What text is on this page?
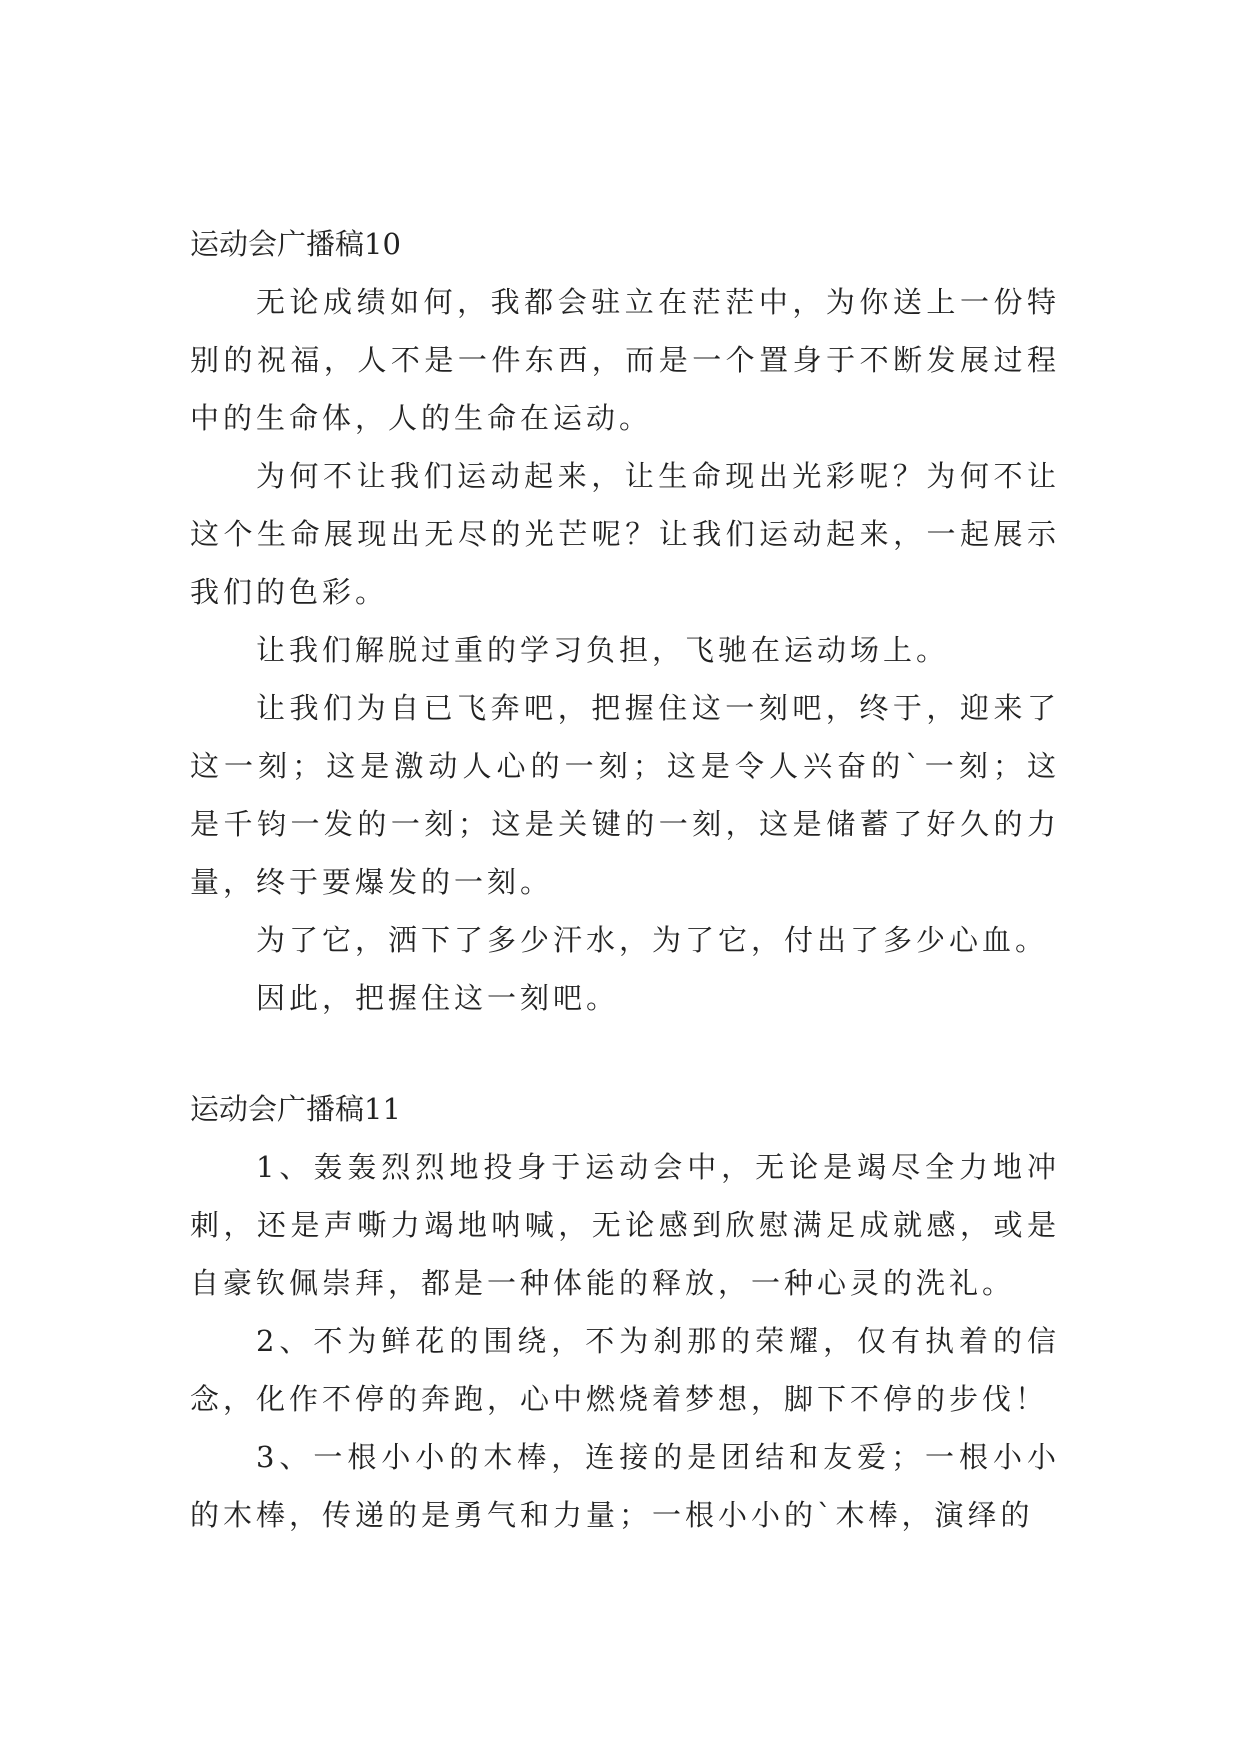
运动会广播稿10

无论成绩如何，我都会驻立在茫茫中，为你送上一份特别的祝福，人不是一件东西，而是一个置身于不断发展过程中的生命体，人的生命在运动。

为何不让我们运动起来，让生命现出光彩呢？为何不让这个生命展现出无尽的光芒呢？让我们运动起来，一起展示我们的色彩。

让我们解脱过重的学习负担，飞驰在运动场上。

让我们为自已飞奔吧，把握住这一刻吧，终于，迎来了这一刻；这是激动人心的一刻；这是令人兴奋的`一刻；这是千钧一发的一刻；这是关键的一刻，这是储蓄了好久的力量，终于要爆发的一刻。

为了它，洒下了多少汗水，为了它，付出了多少心血。

因此，把握住这一刻吧。

运动会广播稿11

1、轰轰烈烈地投身于运动会中，无论是竭尽全力地冲刺，还是声嘶力竭地呐喊，无论感到欣慰满足成就感，或是自豪钦佩崇拜，都是一种体能的释放，一种心灵的洗礼。

2、不为鲜花的围绕，不为刹那的荣耀，仅有执着的信念，化作不停的奔跑，心中燃烧着梦想，脚下不停的步伐！

3、一根小小的木棒，连接的是团结和友爱；一根小小的木棒，传递的是勇气和力量；一根小小的`木棒，演绎的
